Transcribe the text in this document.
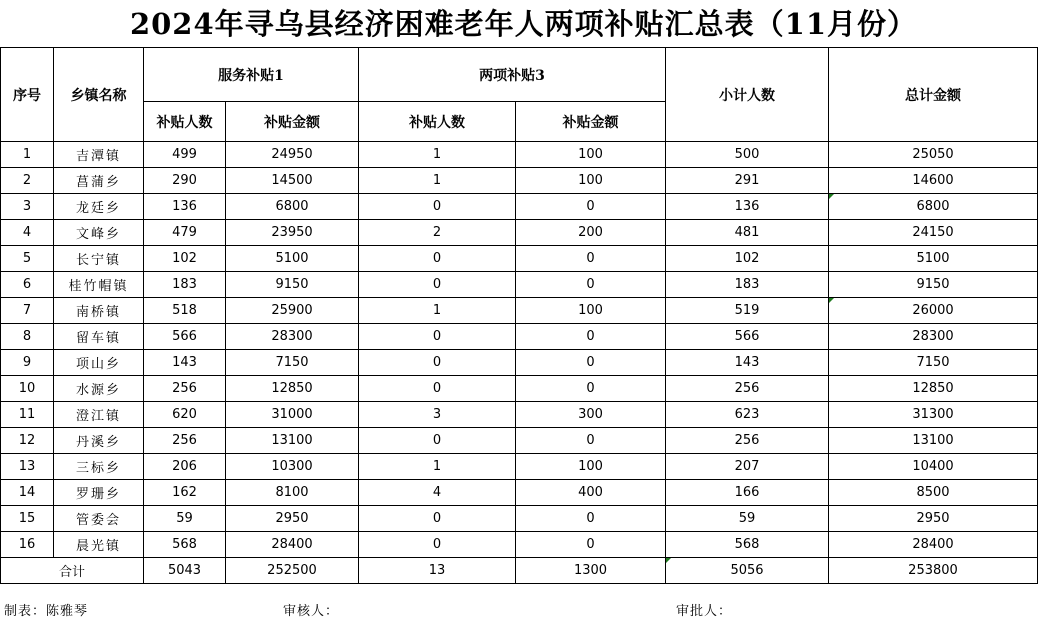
2024年寻乌县经济困难老年人两项补贴汇总表（11月份）
序号	乡镇名称	服务补贴1		两项补贴3		小计人数	总计金额
		补贴人数	补贴金额	补贴人数	补贴金额		
1	吉潭镇	499	24950	1	100	500	25050
2	菖蒲乡	290	14500	1	100	291	14600
3	龙廷乡	136	6800	0	0	136	6800
4	文峰乡	479	23950	2	200	481	24150
5	长宁镇	102	5100	0	0	102	5100
6	桂竹帽镇	183	9150	0	0	183	9150
7	南桥镇	518	25900	1	100	519	26000
8	留车镇	566	28300	0	0	566	28300
9	项山乡	143	7150	0	0	143	7150
10	水源乡	256	12850	0	0	256	12850
11	澄江镇	620	31000	3	300	623	31300
12	丹溪乡	256	13100	0	0	256	13100
13	三标乡	206	10300	1	100	207	10400
14	罗珊乡	162	8100	4	400	166	8500
15	管委会	59	2950	0	0	59	2950
16	晨光镇	568	28400	0	0	568	28400
合计		5043	252500	13	1300	5056	253800
制表：陈雅琴	审核人：	审批人：
